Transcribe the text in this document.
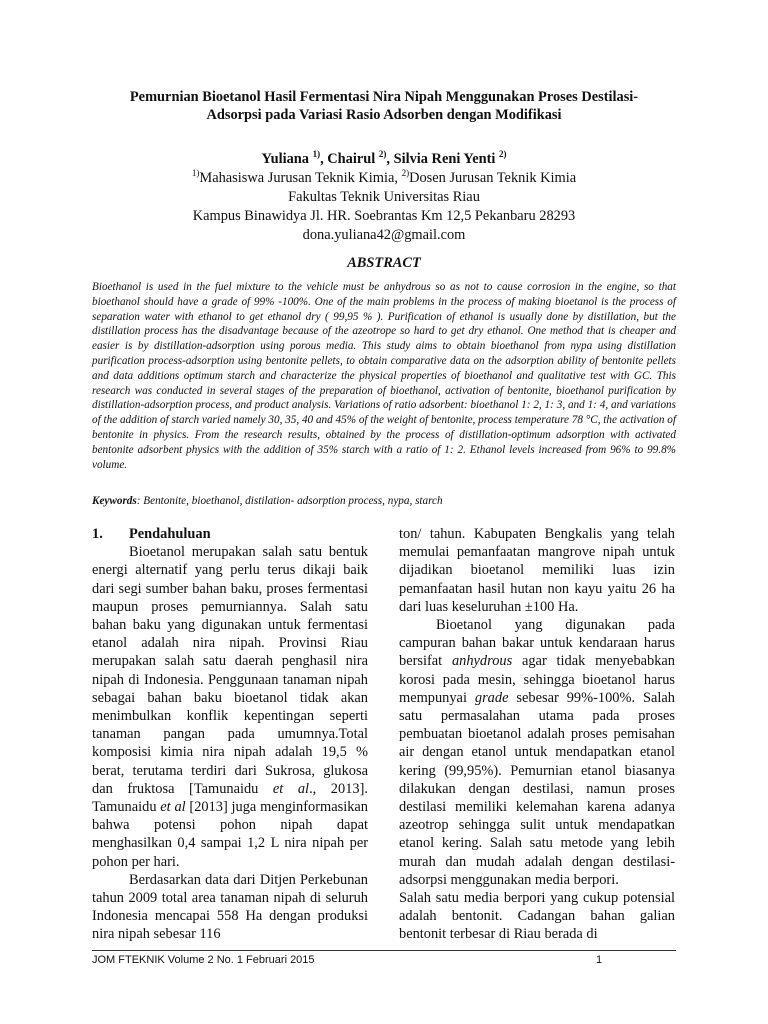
Pemurnian Bioetanol Hasil Fermentasi Nira Nipah Menggunakan Proses Destilasi-
Adsorpsi pada Variasi Rasio Adsorben dengan Modifikasi
Yuliana $^{1)}$, Chairul $^{2)}$, Silvia Reni Yenti $^{2)}$
$^{1)}$Mahasiswa Jurusan Teknik Kimia, $^{2)}$Dosen Jurusan Teknik Kimia
Fakultas Teknik Universitas Riau
Kampus Binawidya Jl. HR. Soebrantas Km 12,5 Pekanbaru 28293
dona.yuliana42@gmail.com
ABSTRACT
Bioethanol is used in the fuel mixture to the vehicle must be anhydrous so as not to cause corrosion in the engine, so that bioethanol should have a grade of 99% -100%. One of the main problems in the process of making bioetanol is the process of separation water with ethanol to get ethanol dry ( 99,95 % ). Purification of ethanol is usually done by distillation, but the distillation process has the disadvantage because of the azeotrope so hard to get dry ethanol. One method that is cheaper and easier is by distillation-adsorption using porous media. This study aims to obtain bioethanol from nypa using distillation purification process-adsorption using bentonite pellets, to obtain comparative data on the adsorption ability of bentonite pellets and data additions optimum starch and characterize the physical properties of bioethanol and qualitative test with GC. This research was conducted in several stages of the preparation of bioethanol, activation of bentonite, bioethanol purification by distillation-adsorption process, and product analysis. Variations of ratio adsorbent: bioethanol 1: 2, 1: 3, and 1: 4, and variations of the addition of starch varied namely 30, 35, 40 and 45% of the weight of bentonite, process temperature 78 °C, the activation of bentonite in physics. From the research results, obtained by the process of distillation-optimum adsorption with activated bentonite adsorbent physics with the addition of 35% starch with a ratio of 1: 2. Ethanol levels increased from 96% to 99.8% volume.
Keywords: Bentonite, bioethanol, distilation- adsorption process, nypa, starch
1. Pendahuluan

Bioetanol merupakan salah satu bentuk energi alternatif yang perlu terus dikaji baik dari segi sumber bahan baku, proses fermentasi maupun proses pemurniannya. Salah satu bahan baku yang digunakan untuk fermentasi etanol adalah nira nipah. Provinsi Riau merupakan salah satu daerah penghasil nira nipah di Indonesia. Penggunaan tanaman nipah sebagai bahan baku bioetanol tidak akan menimbulkan konflik kepentingan seperti tanaman pangan pada umumnya.Total komposisi kimia nira nipah adalah 19,5 % berat, terutama terdiri dari Sukrosa, glukosa dan fruktosa [Tamunaidu et al., 2013]. Tamunaidu et al [2013] juga menginformasikan bahwa potensi pohon nipah dapat menghasilkan 0,4 sampai 1,2 L nira nipah per pohon per hari.

Berdasarkan data dari Ditjen Perkebunan tahun 2009 total area tanaman nipah di seluruh Indonesia mencapai 558 Ha dengan produksi nira nipah sebesar 116

ton/ tahun. Kabupaten Bengkalis yang telah memulai pemanfaatan mangrove nipah untuk dijadikan bioetanol memiliki luas izin pemanfaatan hasil hutan non kayu yaitu 26 ha dari luas keseluruhan ±100 Ha.

Bioetanol yang digunakan pada campuran bahan bakar untuk kendaraan harus bersifat anhydrous agar tidak menyebabkan korosi pada mesin, sehingga bioetanol harus mempunyai grade sebesar 99%-100%. Salah satu permasalahan utama pada proses pembuatan bioetanol adalah proses pemisahan air dengan etanol untuk mendapatkan etanol kering (99,95%). Pemurnian etanol biasanya dilakukan dengan destilasi, namun proses destilasi memiliki kelemahan karena adanya azeotrop sehingga sulit untuk mendapatkan etanol kering. Salah satu metode yang lebih murah dan mudah adalah dengan destilasi-adsorpsi menggunakan media berpori.

Salah satu media berpori yang cukup potensial adalah bentonit. Cadangan bahan galian bentonit terbesar di Riau berada di

JOM FTEKNIK Volume 2 No. 1 Februari 2015	1
